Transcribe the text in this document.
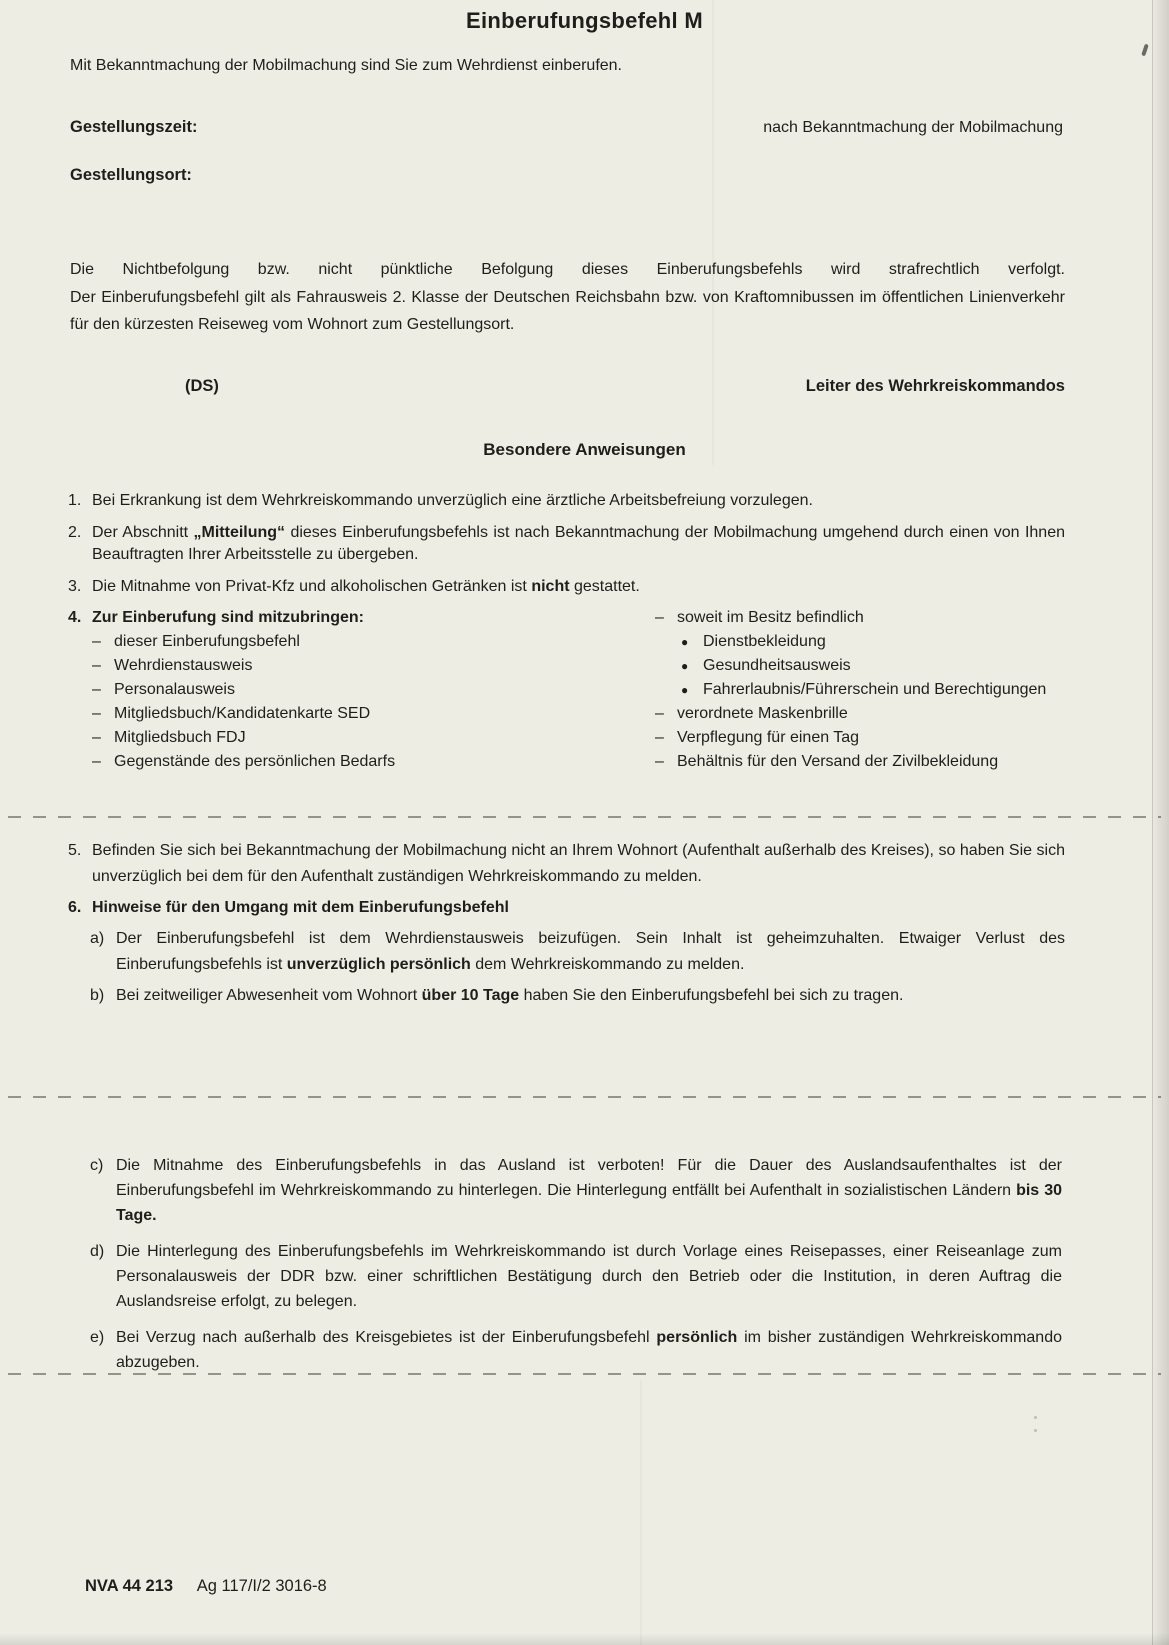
Einberufungsbefehl M
Mit Bekanntmachung der Mobilmachung sind Sie zum Wehrdienst einberufen.
Gestellungszeit:	nach Bekanntmachung der Mobilmachung
Gestellungsort:
Die Nichtbefolgung bzw. nicht pünktliche Befolgung dieses Einberufungsbefehls wird strafrechtlich verfolgt.
Der Einberufungsbefehl gilt als Fahrausweis 2. Klasse der Deutschen Reichsbahn bzw. von Kraftomnibussen im öffentlichen Linienverkehr für den kürzesten Reiseweg vom Wohnort zum Gestellungsort.
(DS)	Leiter des Wehrkreiskommandos
Besondere Anweisungen
1. Bei Erkrankung ist dem Wehrkreiskommando unverzüglich eine ärztliche Arbeitsbefreiung vorzulegen.
2. Der Abschnitt „Mitteilung“ dieses Einberufungsbefehls ist nach Bekanntmachung der Mobilmachung umgehend durch einen von Ihnen Beauftragten Ihrer Arbeitsstelle zu übergeben.
3. Die Mitnahme von Privat-Kfz und alkoholischen Getränken ist nicht gestattet.
4. Zur Einberufung sind mitzubringen:
– dieser Einberufungsbefehl
– Wehrdienstausweis
– Personalausweis
– Mitgliedsbuch/Kandidatenkarte SED
– Mitgliedsbuch FDJ
– Gegenstände des persönlichen Bedarfs
– soweit im Besitz befindlich
● Dienstbekleidung
● Gesundheitsausweis
● Fahrerlaubnis/Führerschein und Berechtigungen
– verordnete Maskenbrille
– Verpflegung für einen Tag
– Behältnis für den Versand der Zivilbekleidung
5. Befinden Sie sich bei Bekanntmachung der Mobilmachung nicht an Ihrem Wohnort (Aufenthalt außerhalb des Kreises), so haben Sie sich unverzüglich bei dem für den Aufenthalt zuständigen Wehrkreiskommando zu melden.
6. Hinweise für den Umgang mit dem Einberufungsbefehl
a) Der Einberufungsbefehl ist dem Wehrdienstausweis beizufügen. Sein Inhalt ist geheimzuhalten. Etwaiger Verlust des Einberufungsbefehls ist unverzüglich persönlich dem Wehrkreiskommando zu melden.
b) Bei zeitweiliger Abwesenheit vom Wohnort über 10 Tage haben Sie den Einberufungsbefehl bei sich zu tragen.
c) Die Mitnahme des Einberufungsbefehls in das Ausland ist verboten! Für die Dauer des Auslandsaufenthaltes ist der Einberufungsbefehl im Wehrkreiskommando zu hinterlegen. Die Hinterlegung entfällt bei Aufenthalt in sozialistischen Ländern bis 30 Tage.
d) Die Hinterlegung des Einberufungsbefehls im Wehrkreiskommando ist durch Vorlage eines Reisepasses, einer Reiseanlage zum Personalausweis der DDR bzw. einer schriftlichen Bestätigung durch den Betrieb oder die Institution, in deren Auftrag die Auslandsreise erfolgt, zu belegen.
e) Bei Verzug nach außerhalb des Kreisgebietes ist der Einberufungsbefehl persönlich im bisher zuständigen Wehrkreiskommando abzugeben.
NVA 44 213 Ag 117/I/2 3016-8
